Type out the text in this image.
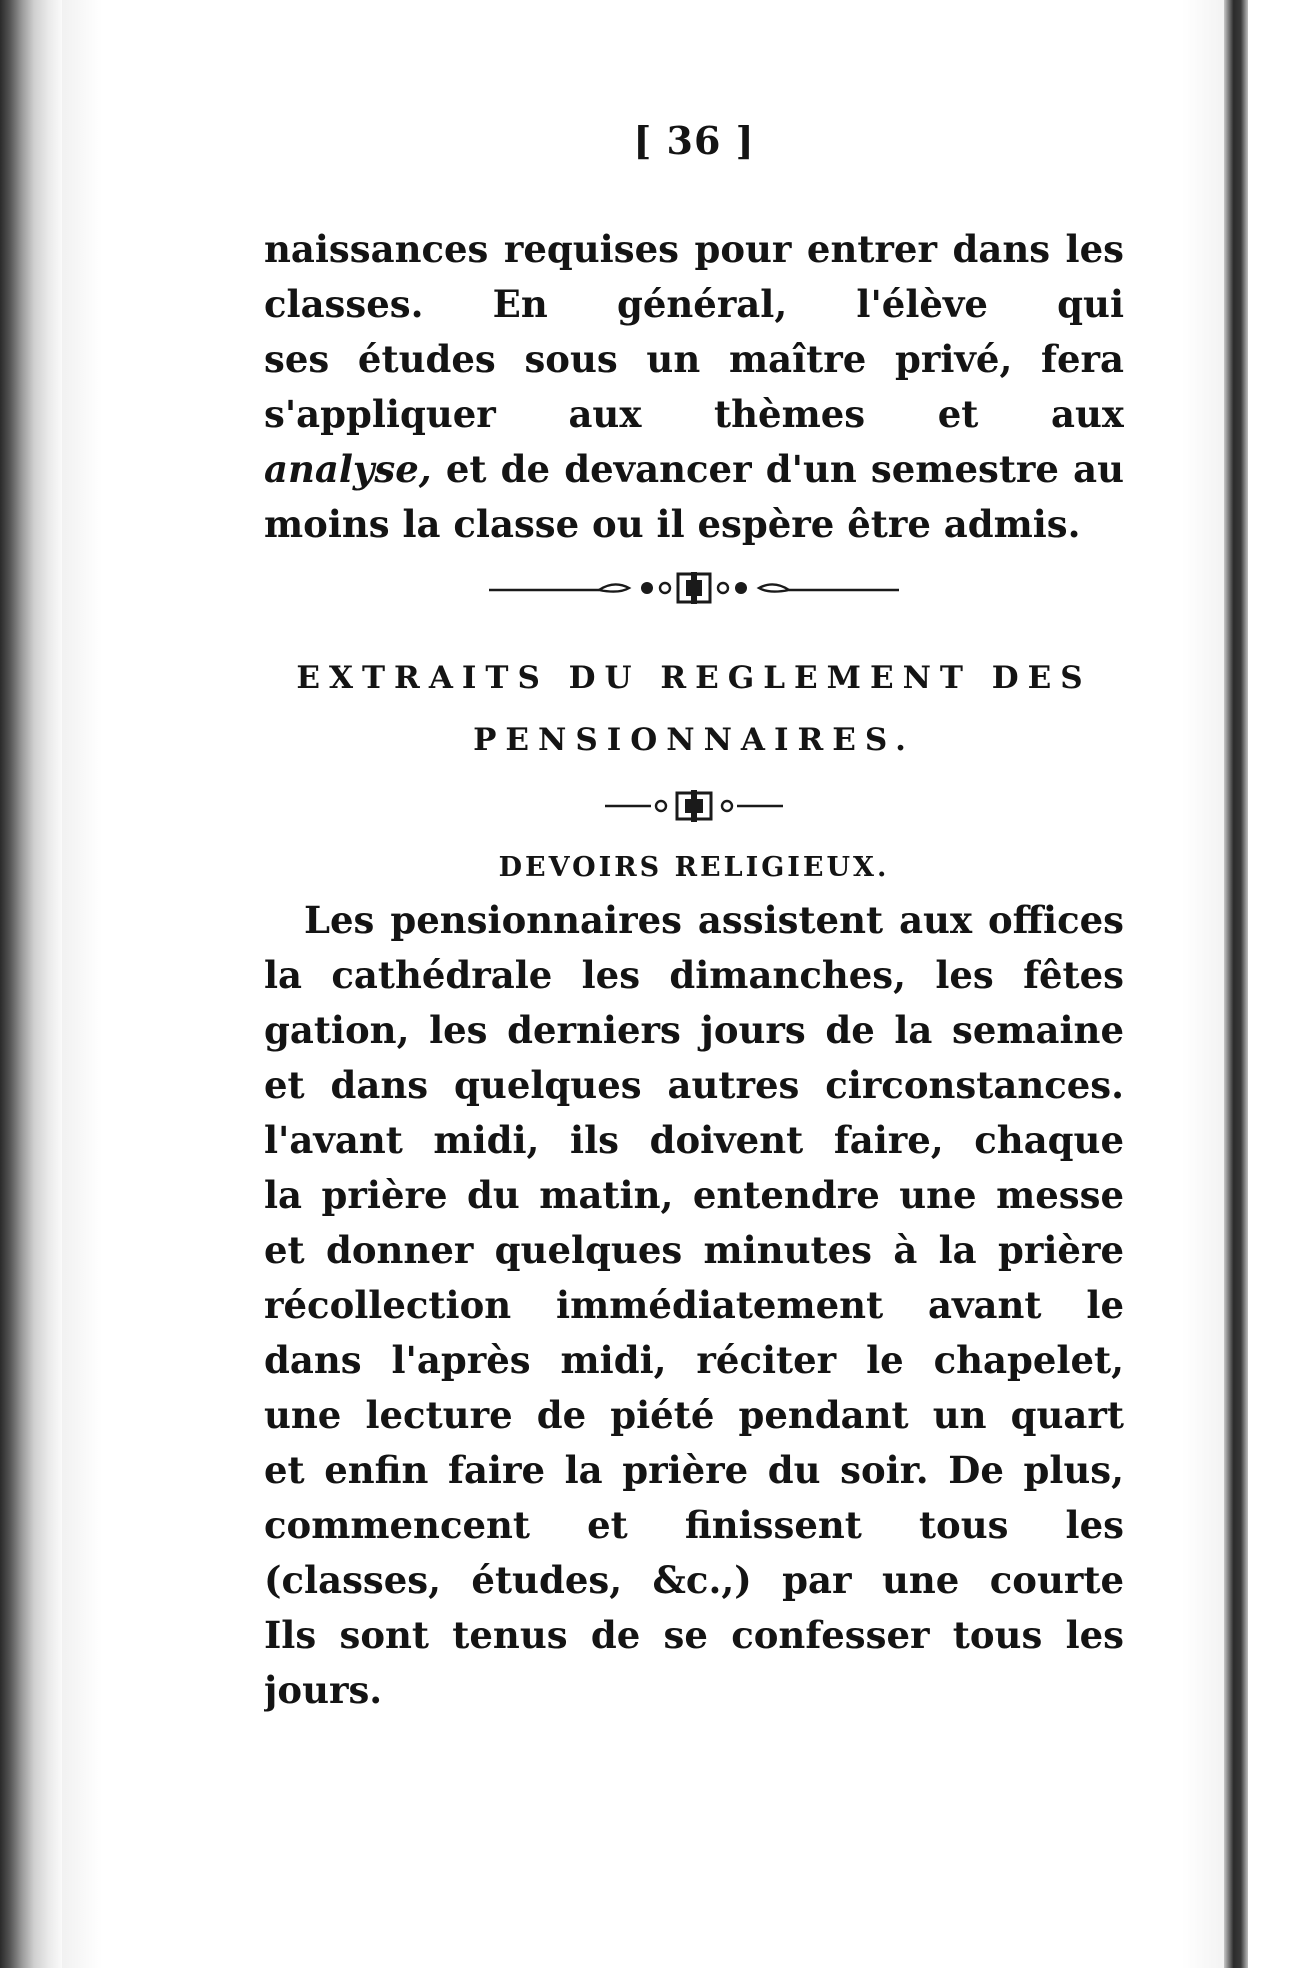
[ 36 ]

naissances requises pour entrer dans les
classes. En général, l'élève qui
ses études sous un maître privé, fera
s'appliquer aux thèmes et aux
analyse, et de devancer d'un semestre au
moins la classe ou il espère être admis.

EXTRAITS DU REGLEMENT DES
PENSIONNAIRES.
DEVOIRS RELIGIEUX.

Les pensionnaires assistent aux offices
la cathédrale les dimanches, les fêtes
gation, les derniers jours de la semaine
et dans quelques autres circonstances.
l'avant midi, ils doivent faire, chaque
la prière du matin, entendre une messe
et donner quelques minutes à la prière
récollection immédiatement avant le
dans l'après midi, réciter le chapelet,
une lecture de piété pendant un quart
et enfin faire la prière du soir. De plus,
commencent et finissent tous les
(classes, études, &c.,) par une courte
Ils sont tenus de se confesser tous les
jours.
